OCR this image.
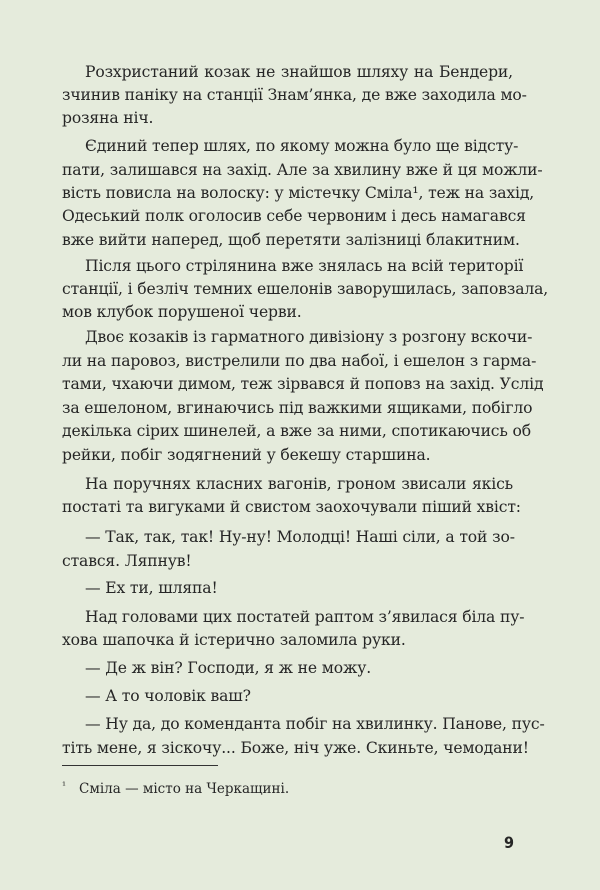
Розхристаний козак не знайшов шляху на Бендери,
зчинив паніку на станції Знам’янка, де вже заходила мо-
розяна ніч.
Єдиний тепер шлях, по якому можна було ще відсту-
пати, залишався на захід. Але за хвилину вже й ця можли-
вість повисла на волоску: у містечку Сміла¹, теж на захід,
Одеський полк оголосив себе червоним і десь намагався
вже вийти наперед, щоб перетяти залізниці блакитним.
Після цього стрілянина вже знялась на всій території
станції, і безліч темних ешелонів заворушилась, заповзала,
мов клубок порушеної черви.
Двоє козаків із гарматного дивізіону з розгону вскочи-
ли на паровоз, вистрелили по два набої, і ешелон з гарма-
тами, чхаючи димом, теж зірвався й поповз на захід. Услід
за ешелоном, вгинаючись під важкими ящиками, побігло
декілька сірих шинелей, а вже за ними, спотикаючись об
рейки, побіг зодягнений у бекешу старшина.
На поручнях класних вагонів, гроном звисали якісь
постаті та вигуками й свистом заохочували піший хвіст:
— Так, так, так! Ну-ну! Молодці! Наші сіли, а той зо-
стався. Ляпнув!
— Ех ти, шляпа!
Над головами цих постатей раптом з’явилася біла пу-
хова шапочка й істерично заломила руки.
— Де ж він? Господи, я ж не можу.
— А то чоловік ваш?
— Ну да, до коменданта побіг на хвилинку. Панове, пус-
тіть мене, я зіскочу... Боже, ніч уже. Скиньте, чемодани!
¹ Сміла — місто на Черкащині.
9
